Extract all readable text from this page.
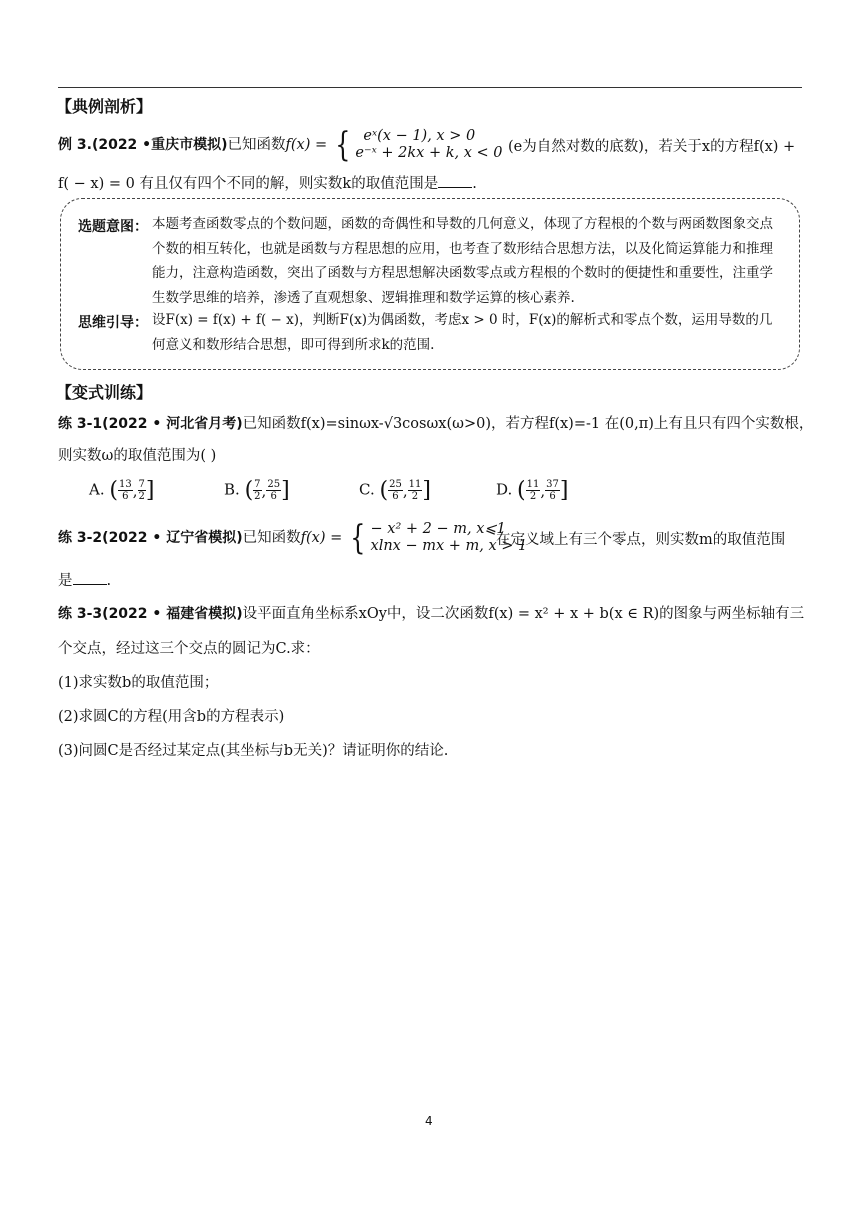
【典例剖析】
例 3.(2022 •重庆市模拟)已知函数f(x) = { eˣ(x − 1), x > 0
e⁻ˣ + 2kx + k, x < 0 (e为自然对数的底数)，若关于x的方程f(x) +
f( − x) = 0 有且仅有四个不同的解，则实数k的取值范围是 .
选题意图： 本题考查函数零点的个数问题，函数的奇偶性和导数的几何意义，体现了方程根的个数与两函数图象交点个数的相互转化，也就是函数与方程思想的应用，也考查了数形结合思想方法，以及化简运算能力和推理能力，注意构造函数，突出了函数与方程思想解决函数零点或方程根的个数时的便捷性和重要性，注重学生数学思维的培养，渗透了直观想象、逻辑推理和数学运算的核心素养.
思维引导： 设F(x) = f(x) + f( − x)，判断F(x)为偶函数，考虑x > 0 时，F(x)的解析式和零点个数，运用导数的几何意义和数形结合思想，即可得到所求k的范围.
【变式训练】
练 3-1(2022 • 河北省月考)已知函数f(x)=sinωx-√3cosωx(ω>0)，若方程f(x)=-1 在(0,π)上有且只有四个实数根，
则实数ω的取值范围为( )
A. ( $\frac{13}{6}$ , $\frac{7}{2}$ ]	B. ( $\frac{7}{2}$ , $\frac{25}{6}$ ]	C. ( $\frac{25}{6}$ , $\frac{11}{2}$ ]	D. ( $\frac{11}{2}$ , $\frac{37}{6}$ ]
练 3-2(2022 • 辽宁省模拟)已知函数f(x) = { − x² + 2 − m, x⩽1
xlnx − mx + m, x > 1
在定义域上有三个零点，则实数m的取值范围
是 .
练 3-3(2022 • 福建省模拟)设平面直角坐标系xOy中，设二次函数f(x) = x² + x + b(x ∈ R)的图象与两坐标轴有三
个交点，经过这三个交点的圆记为C.求：
(1)求实数b的取值范围；
(2)求圆C的方程(用含b的方程表示)
(3)问圆C是否经过某定点(其坐标与b无关)？请证明你的结论.
4
